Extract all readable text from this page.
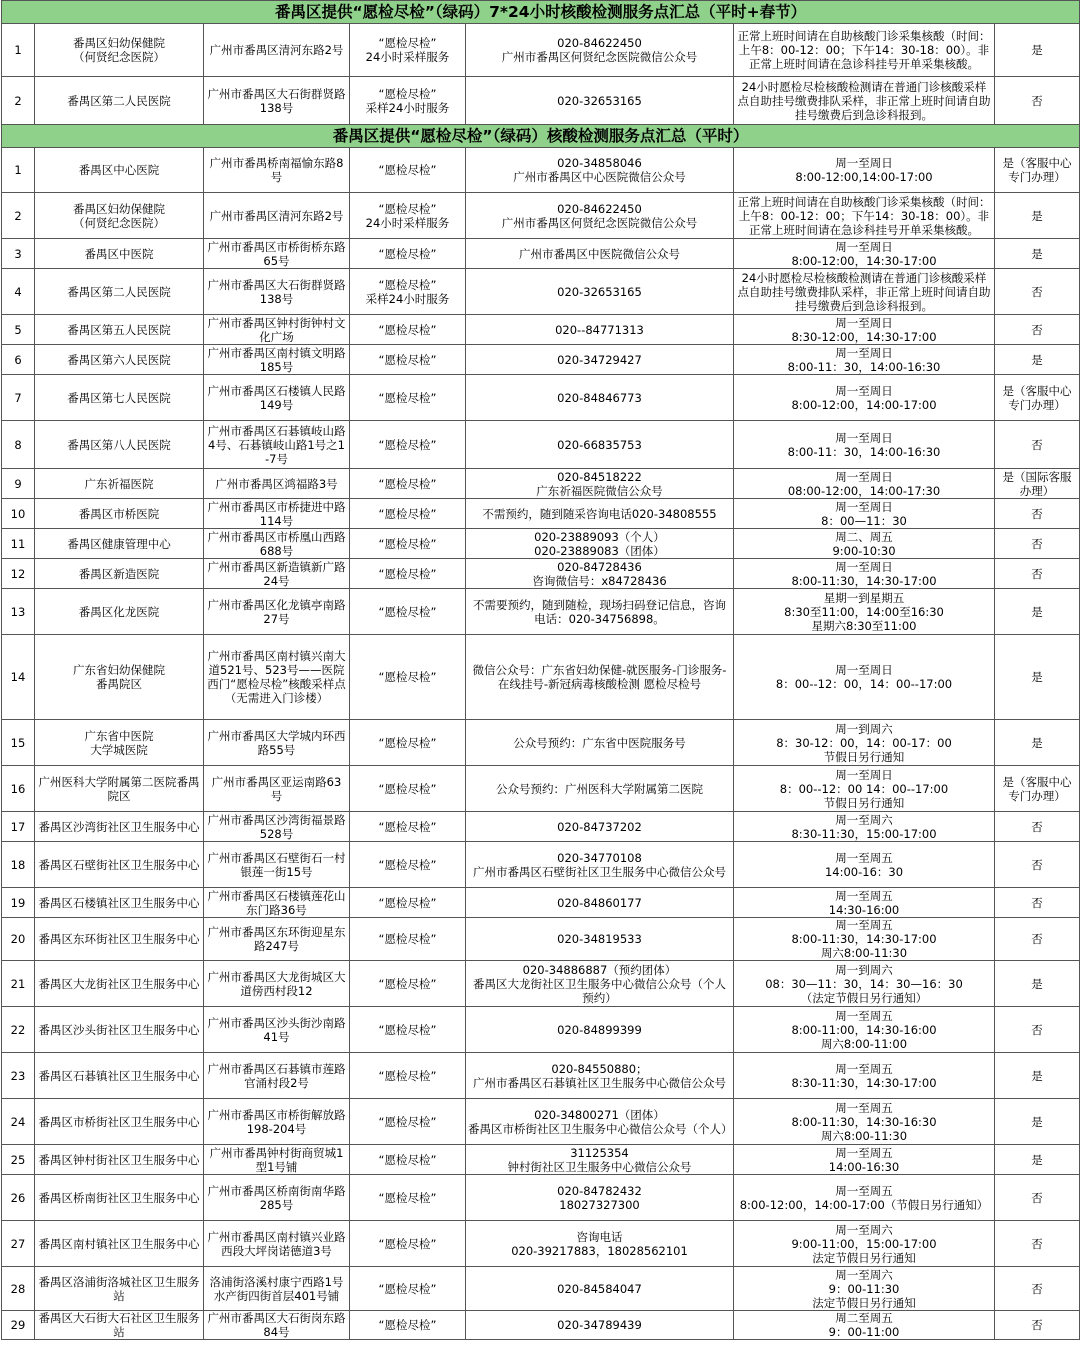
番禺区提供“愿检尽检”（绿码）7*24小时核酸检测服务点汇总（平时+春节）						
1	番禺区妇幼保健院
（何贤纪念医院）	广州市番禺区清河东路2号	“愿检尽检”
24小时采样服务	020-84622450
广州市番禺区何贤纪念医院微信公众号	正常上班时间请在自助核酸门诊采集核酸（时间：上午8：00-12：00；下午14：30-18：00）。非正常上班时间请在急诊科挂号开单采集核酸。	是
2	番禺区第二人民医院	广州市番禺区大石街群贤路138号	“愿检尽检”
采样24小时服务	020-32653165	24小时愿检尽检核酸检测请在普通门诊核酸采样点自助挂号缴费排队采样，非正常上班时间请自助挂号缴费后到急诊科报到。	否
番禺区提供“愿检尽检”（绿码）核酸检测服务点汇总（平时）						
1	番禺区中心医院	广州市番禺桥南福愉东路8号	“愿检尽检”	020-34858046
广州市番禺区中心医院微信公众号	周一至周日
8:00-12:00,14:00-17:00	是（客服中心专门办理）
2	番禺区妇幼保健院
（何贤纪念医院）	广州市番禺区清河东路2号	“愿检尽检”
24小时采样服务	020-84622450
广州市番禺区何贤纪念医院微信公众号	正常上班时间请在自助核酸门诊采集核酸（时间：上午8：00-12：00；下午14：30-18：00）。非正常上班时间请在急诊科挂号开单采集核酸。	是
3	番禺区中医院	广州市番禺区市桥街桥东路65号	“愿检尽检”	广州市番禺区中医院微信公众号	周一至周日
8:00-12:00，14:30-17:00	是
4	番禺区第二人民医院	广州市番禺区大石街群贤路138号	“愿检尽检”
采样24小时服务	020-32653165	24小时愿检尽检核酸检测请在普通门诊核酸采样点自助挂号缴费排队采样，非正常上班时间请自助挂号缴费后到急诊科报到。	否
5	番禺区第五人民医院	广州市番禺区钟村街钟村文化广场	“愿检尽检”	020--84771313	周一至周日
8:30-12:00，14:30-17:00	否
6	番禺区第六人民医院	广州市番禺区南村镇文明路185号	“愿检尽检”	020-34729427	周一至周日
8:00-11：30，14:00-16:30	是
7	番禺区第七人民医院	广州市番禺区石楼镇人民路149号	“愿检尽检”	020-84846773	周一至周日
8:00-12:00，14:00-17:00	是（客服中心专门办理）
8	番禺区第八人民医院	广州市番禺区石碁镇岐山路4号、石碁镇岐山路1号之1-7号	“愿检尽检”	020-66835753	周一至周日
8:00-11：30，14:00-16:30	否
9	广东祈福医院	广州市番禺区鸿福路3号	“愿检尽检”	020-84518222
广东祈福医院微信公众号	周一至周日
08:00-12:00，14:00-17:30	是（国际客服办理）
10	番禺区市桥医院	广州市番禺区市桥捷进中路114号	“愿检尽检”	不需预约，随到随采咨询电话020-34808555	周一至周日
8：00—11：30	否
11	番禺区健康管理中心	广州市番禺区市桥凰山西路688号	“愿检尽检”	020-23889093（个人）
020-23889083（团体）	周二、周五
9:00-10:30	否
12	番禺区新造医院	广州市番禺区新造镇新广路24号	“愿检尽检”	020-84728436
咨询微信号：x84728436	周一至周日
8:00-11:30，14:30-17:00	否
13	番禺区化龙医院	广州市番禺区化龙镇亭南路27号	“愿检尽检”	不需要预约，随到随检，现场扫码登记信息，咨询电话：020-34756898。	星期一到星期五
8:30至11:00，14:00至16:30
星期六8:30至11:00	是
14	广东省妇幼保健院
番禺院区	广州市番禺区南村镇兴南大道521号、523号——医院西门“愿检尽检”核酸采样点（无需进入门诊楼）	“愿检尽检”	微信公众号：广东省妇幼保健-就医服务-门诊服务-在线挂号-新冠病毒核酸检测 愿检尽检号	周一至周日
8：00--12：00，14：00--17:00	是
15	广东省中医院
大学城医院	广州市番禺区大学城内环西路55号	“愿检尽检”	公众号预约：广东省中医院服务号	周一到周六
8：30-12：00，14：00-17：00
节假日另行通知	是
16	广州医科大学附属第二医院番禺院区	广州市番禺区亚运南路63号	“愿检尽检”	公众号预约：广州医科大学附属第二医院	周一至周日
8：00--12：00 14：00--17:00
节假日另行通知	是（客服中心专门办理）
17	番禺区沙湾街社区卫生服务中心	广州市番禺区沙湾街福景路528号	“愿检尽检”	020-84737202	周一至周六
8:30-11:30，15:00-17:00	否
18	番禺区石壁街社区卫生服务中心	广州市番禺区石壁街石一村银莲一街15号	“愿检尽检”	020-34770108
广州市番禺区石壁街社区卫生服务中心微信公众号	周一至周五
14:00-16：30	否
19	番禺区石楼镇社区卫生服务中心	广州市番禺区石楼镇莲花山东门路36号	“愿检尽检”	020-84860177	周一至周五
14:30-16:00	否
20	番禺区东环街社区卫生服务中心	广州市番禺区东环街迎星东路247号	“愿检尽检”	020-34819533	周一至周五
8:00-11:30，14:30-17:00
周六8:00-11:30	否
21	番禺区大龙街社区卫生服务中心	广州市番禺区大龙街城区大道傍西村段12	“愿检尽检”	020-34886887（预约团体）
番禺区大龙街社区卫生服务中心微信公众号（个人预约）	周一到周六
08：30—11：30，14：30—16：30
（法定节假日另行通知）	是
22	番禺区沙头街社区卫生服务中心	广州市番禺区沙头街沙南路41号	“愿检尽检”	020-84899399	周一至周五
8:00-11:00，14:30-16:00
周六8:00-11:00	否
23	番禺区石碁镇社区卫生服务中心	广州市番禺区石碁镇市莲路官涌村段2号	“愿检尽检”	020-84550880；
广州市番禺区石碁镇社区卫生服务中心微信公众号	周一至周五
8:30-11:30，14:30-17:00	是
24	番禺区市桥街社区卫生服务中心	广州市番禺区市桥街解放路198-204号	“愿检尽检”	020-34800271（团体）
番禺区市桥街社区卫生服务中心微信公众号（个人）	周一至周五
8:00-11:30，14:30-16:30
周六8:00-11:30	是
25	番禺区钟村街社区卫生服务中心	广州市番禺钟村街商贸城1型1号铺	“愿检尽检”	31125354
钟村街社区卫生服务中心微信公众号	周一至周五
14:00-16:30	是
26	番禺区桥南街社区卫生服务中心	广州市番禺区桥南街南华路285号	“愿检尽检”	020-84782432
18027327300	周一至周五
8:00-12:00，14:00-17:00（节假日另行通知）	否
27	番禺区南村镇社区卫生服务中心	广州市番禺区南村镇兴业路西段大坪岗诺德道3号	“愿检尽检”	咨询电话
020-39217883，18028562101	周一至周六
9:00-11:00，15:00-17:00
法定节假日另行通知	否
28	番禺区洛浦街洛城社区卫生服务站	洛浦街洛溪村康宁西路1号水产街四街首层401号铺	“愿检尽检”	020-84584047	周一至周六
9：00-11:30
法定节假日另行通知	否
29	番禺区大石街大石社区卫生服务站	广州市番禺区大石街岗东路84号	“愿检尽检”	020-34789439	周二至周五
9：00-11:00	否
